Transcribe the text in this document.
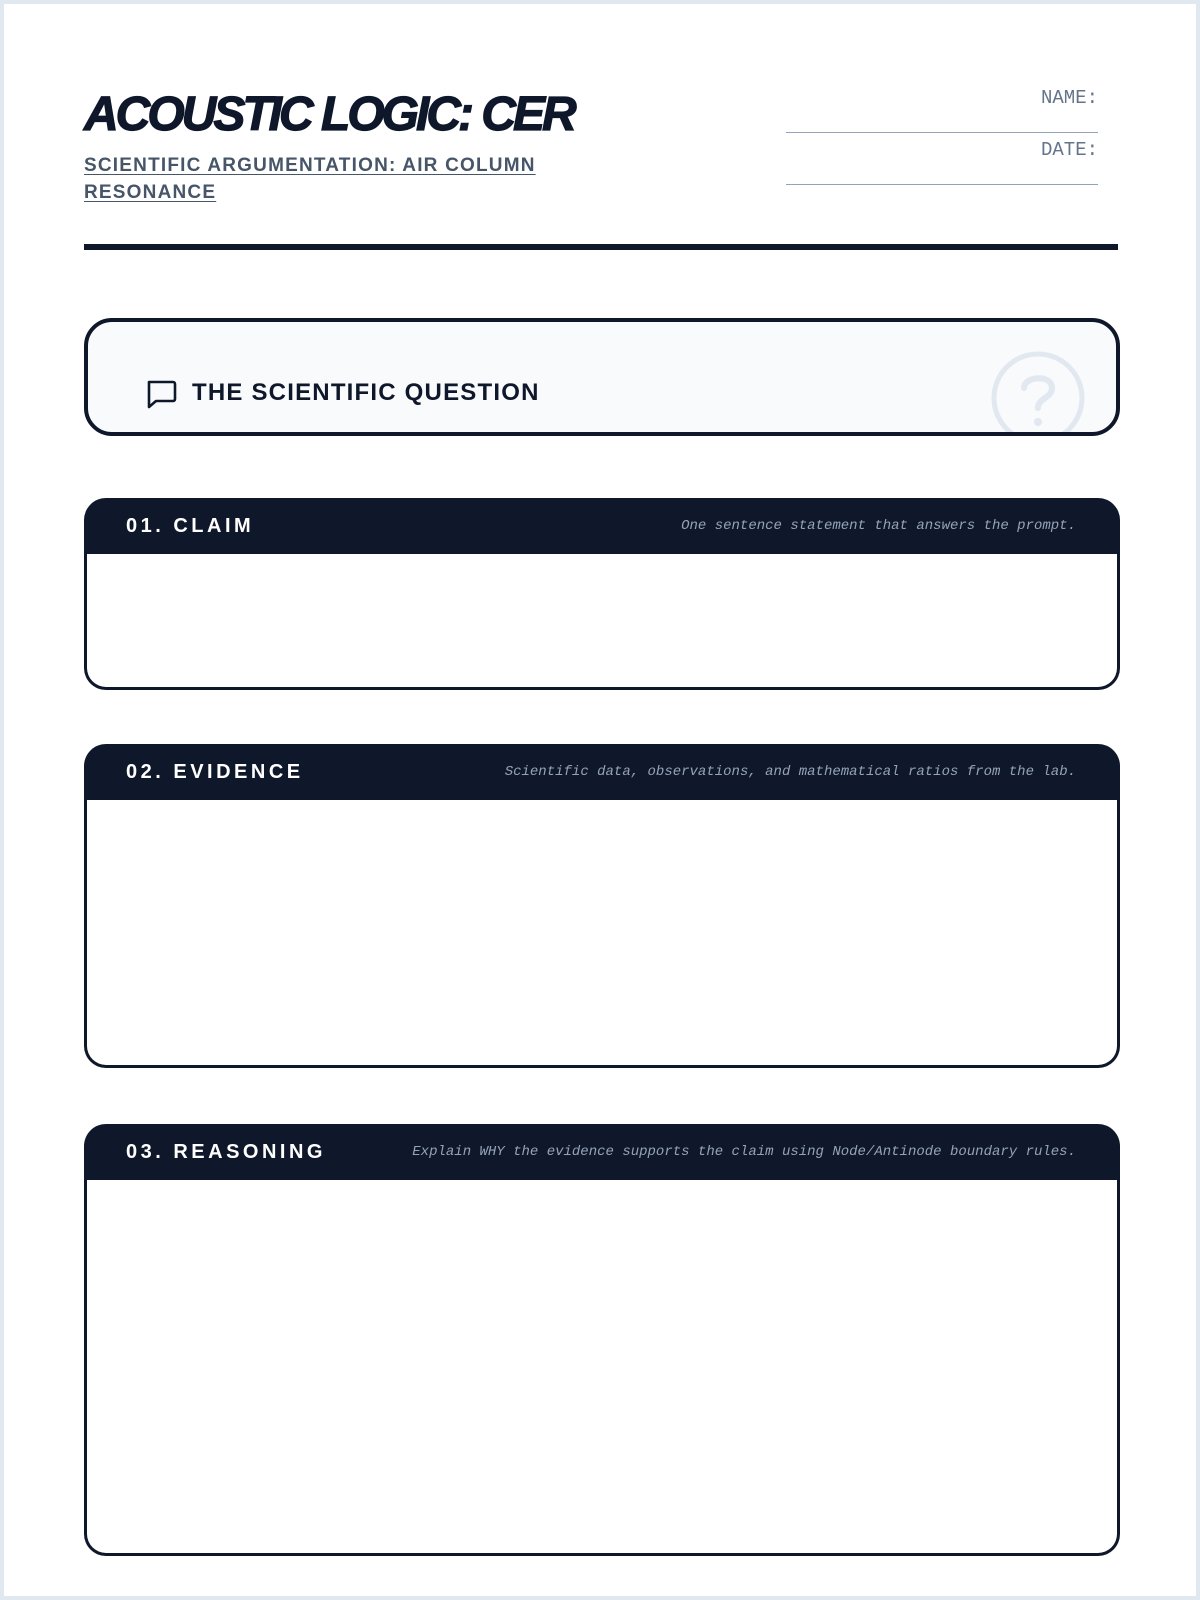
ACOUSTIC LOGIC: CER
SCIENTIFIC ARGUMENTATION: AIR COLUMN RESONANCE
NAME:
DATE:
THE SCIENTIFIC QUESTION
01. CLAIM	One sentence statement that answers the prompt.
02. EVIDENCE	Scientific data, observations, and mathematical ratios from the lab.
03. REASONING	Explain WHY the evidence supports the claim using Node/Antinode boundary rules.
